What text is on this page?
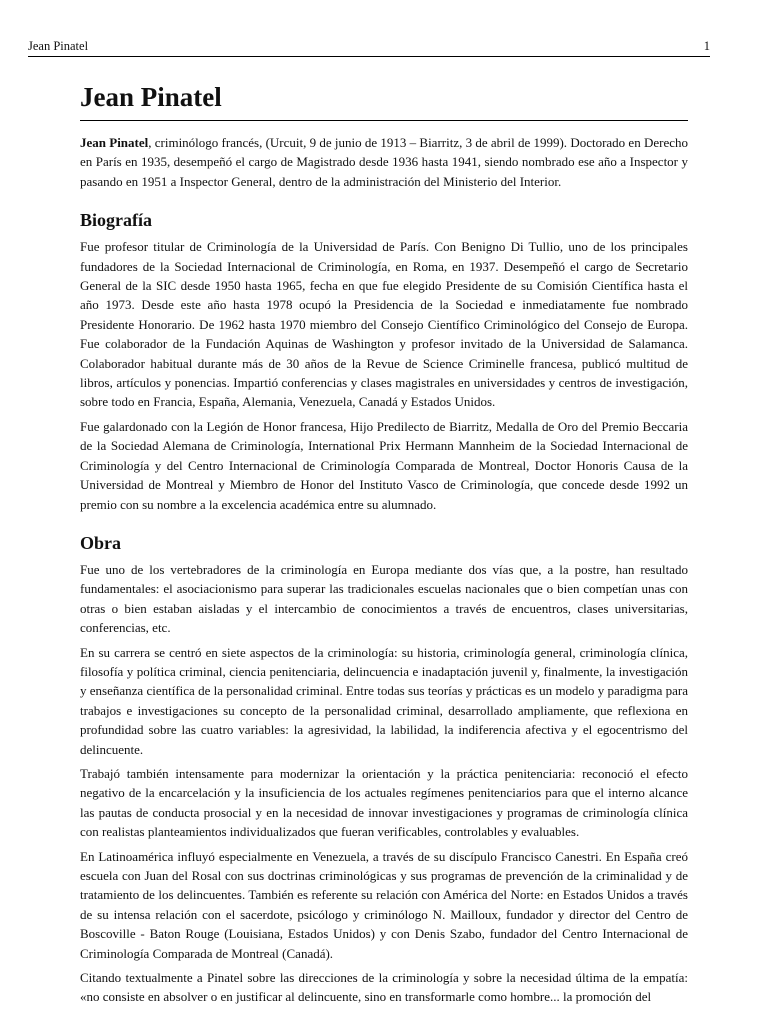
Jean Pinatel	1
Jean Pinatel

Jean Pinatel, criminólogo francés, (Urcuit, 9 de junio de 1913 – Biarritz, 3 de abril de 1999). Doctorado en Derecho en París en 1935, desempeñó el cargo de Magistrado desde 1936 hasta 1941, siendo nombrado ese año a Inspector y pasando en 1951 a Inspector General, dentro de la administración del Ministerio del Interior.

Biografía

Fue profesor titular de Criminología de la Universidad de París. Con Benigno Di Tullio, uno de los principales fundadores de la Sociedad Internacional de Criminología, en Roma, en 1937. Desempeñó el cargo de Secretario General de la SIC desde 1950 hasta 1965, fecha en que fue elegido Presidente de su Comisión Científica hasta el año 1973. Desde este año hasta 1978 ocupó la Presidencia de la Sociedad e inmediatamente fue nombrado Presidente Honorario. De 1962 hasta 1970 miembro del Consejo Científico Criminológico del Consejo de Europa. Fue colaborador de la Fundación Aquinas de Washington y profesor invitado de la Universidad de Salamanca. Colaborador habitual durante más de 30 años de la Revue de Science Criminelle francesa, publicó multitud de libros, artículos y ponencias. Impartió conferencias y clases magistrales en universidades y centros de investigación, sobre todo en Francia, España, Alemania, Venezuela, Canadá y Estados Unidos.

Fue galardonado con la Legión de Honor francesa, Hijo Predilecto de Biarritz, Medalla de Oro del Premio Beccaria de la Sociedad Alemana de Criminología, International Prix Hermann Mannheim de la Sociedad Internacional de Criminología y del Centro Internacional de Criminología Comparada de Montreal, Doctor Honoris Causa de la Universidad de Montreal y Miembro de Honor del Instituto Vasco de Criminología, que concede desde 1992 un premio con su nombre a la excelencia académica entre su alumnado.

Obra

Fue uno de los vertebradores de la criminología en Europa mediante dos vías que, a la postre, han resultado fundamentales: el asociacionismo para superar las tradicionales escuelas nacionales que o bien competían unas con otras o bien estaban aisladas y el intercambio de conocimientos a través de encuentros, clases universitarias, conferencias, etc.

En su carrera se centró en siete aspectos de la criminología: su historia, criminología general, criminología clínica, filosofía y política criminal, ciencia penitenciaria, delincuencia e inadaptación juvenil y, finalmente, la investigación y enseñanza científica de la personalidad criminal. Entre todas sus teorías y prácticas es un modelo y paradigma para trabajos e investigaciones su concepto de la personalidad criminal, desarrollado ampliamente, que reflexiona en profundidad sobre las cuatro variables: la agresividad, la labilidad, la indiferencia afectiva y el egocentrismo del delincuente.

Trabajó también intensamente para modernizar la orientación y la práctica penitenciaria: reconoció el efecto negativo de la encarcelación y la insuficiencia de los actuales regímenes penitenciarios para que el interno alcance las pautas de conducta prosocial y en la necesidad de innovar investigaciones y programas de criminología clínica con realistas planteamientos individualizados que fueran verificables, controlables y evaluables.

En Latinoamérica influyó especialmente en Venezuela, a través de su discípulo Francisco Canestri. En España creó escuela con Juan del Rosal con sus doctrinas criminológicas y sus programas de prevención de la criminalidad y de tratamiento de los delincuentes. También es referente su relación con América del Norte: en Estados Unidos a través de su intensa relación con el sacerdote, psicólogo y criminólogo N. Mailloux, fundador y director del Centro de Boscoville - Baton Rouge (Louisiana, Estados Unidos) y con Denis Szabo, fundador del Centro Internacional de Criminología Comparada de Montreal (Canadá).

Citando textualmente a Pinatel sobre las direcciones de la criminología y sobre la necesidad última de la empatía: «no consiste en absolver o en justificar al delincuente, sino en transformarle como hombre... la promoción del
